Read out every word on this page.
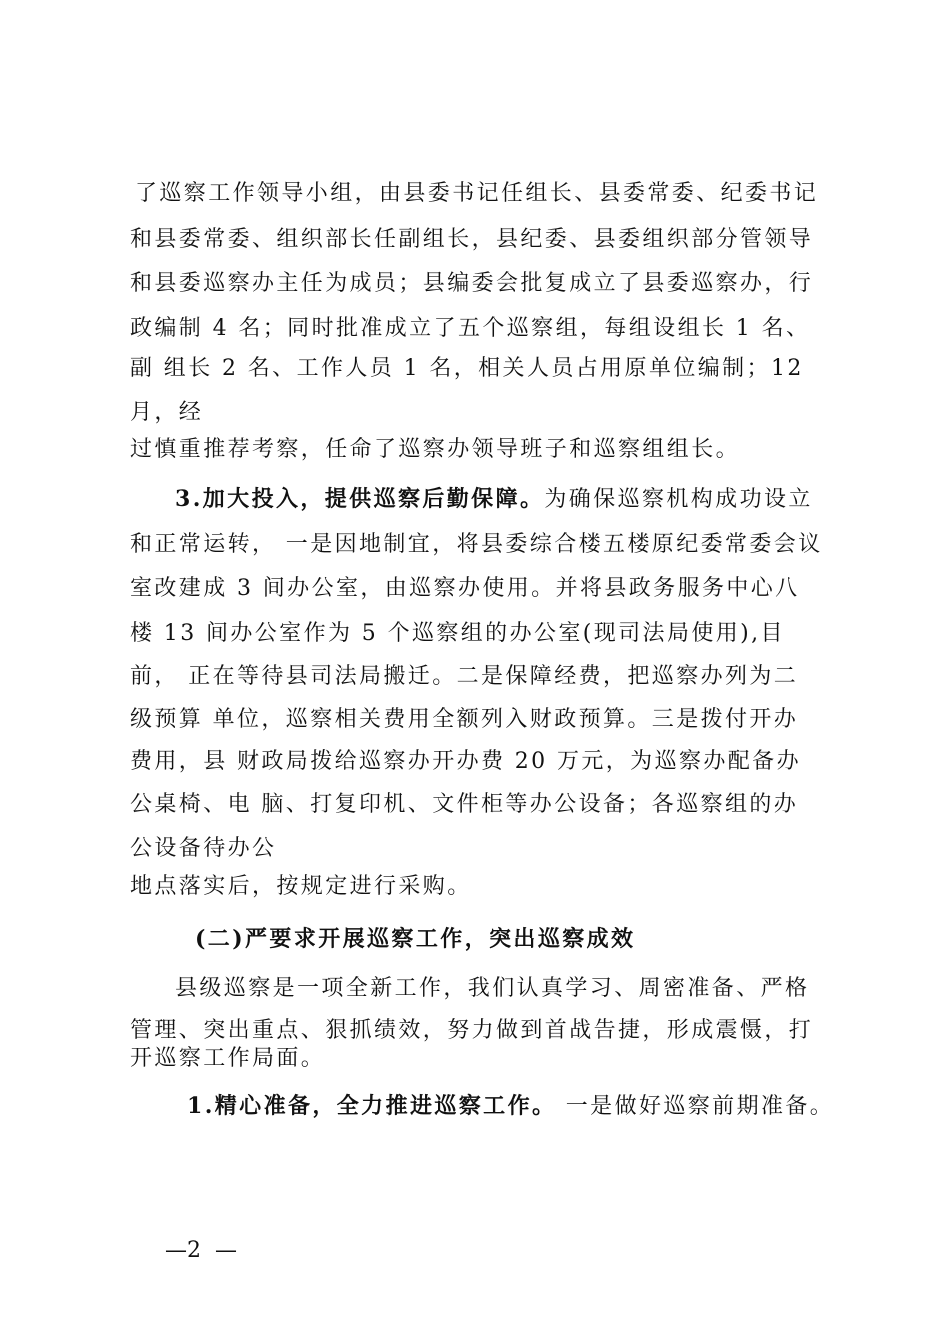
了巡察工作领导小组，由县委书记任组长、县委常委、纪委书记
和县委常委、组织部长任副组长，县纪委、县委组织部分管领导
和县委巡察办主任为成员；县编委会批复成立了县委巡察办，行
政编制 4 名；同时批准成立了五个巡察组，每组设组长 1 名、
副 组长 2 名、工作人员 1 名，相关人员占用原单位编制；12
月，经
过慎重推荐考察，任命了巡察办领导班子和巡察组组长。
3.加大投入，提供巡察后勤保障。为确保巡察机构成功设立
和正常运转， 一是因地制宜，将县委综合楼五楼原纪委常委会议
室改建成 3 间办公室，由巡察办使用。并将县政务服务中心八
楼 13 间办公室作为 5 个巡察组的办公室(现司法局使用),目
前， 正在等待县司法局搬迁。二是保障经费，把巡察办列为二
级预算 单位，巡察相关费用全额列入财政预算。三是拨付开办
费用，县 财政局拨给巡察办开办费 20 万元，为巡察办配备办
公桌椅、电 脑、打复印机、文件柜等办公设备；各巡察组的办
公设备待办公
地点落实后，按规定进行采购。
(二)严要求开展巡察工作，突出巡察成效
县级巡察是一项全新工作，我们认真学习、周密准备、严格
管理、突出重点、狠抓绩效，努力做到首战告捷，形成震慑，打
开巡察工作局面。
1.精心准备，全力推进巡察工作。 一是做好巡察前期准备。
—2  —
